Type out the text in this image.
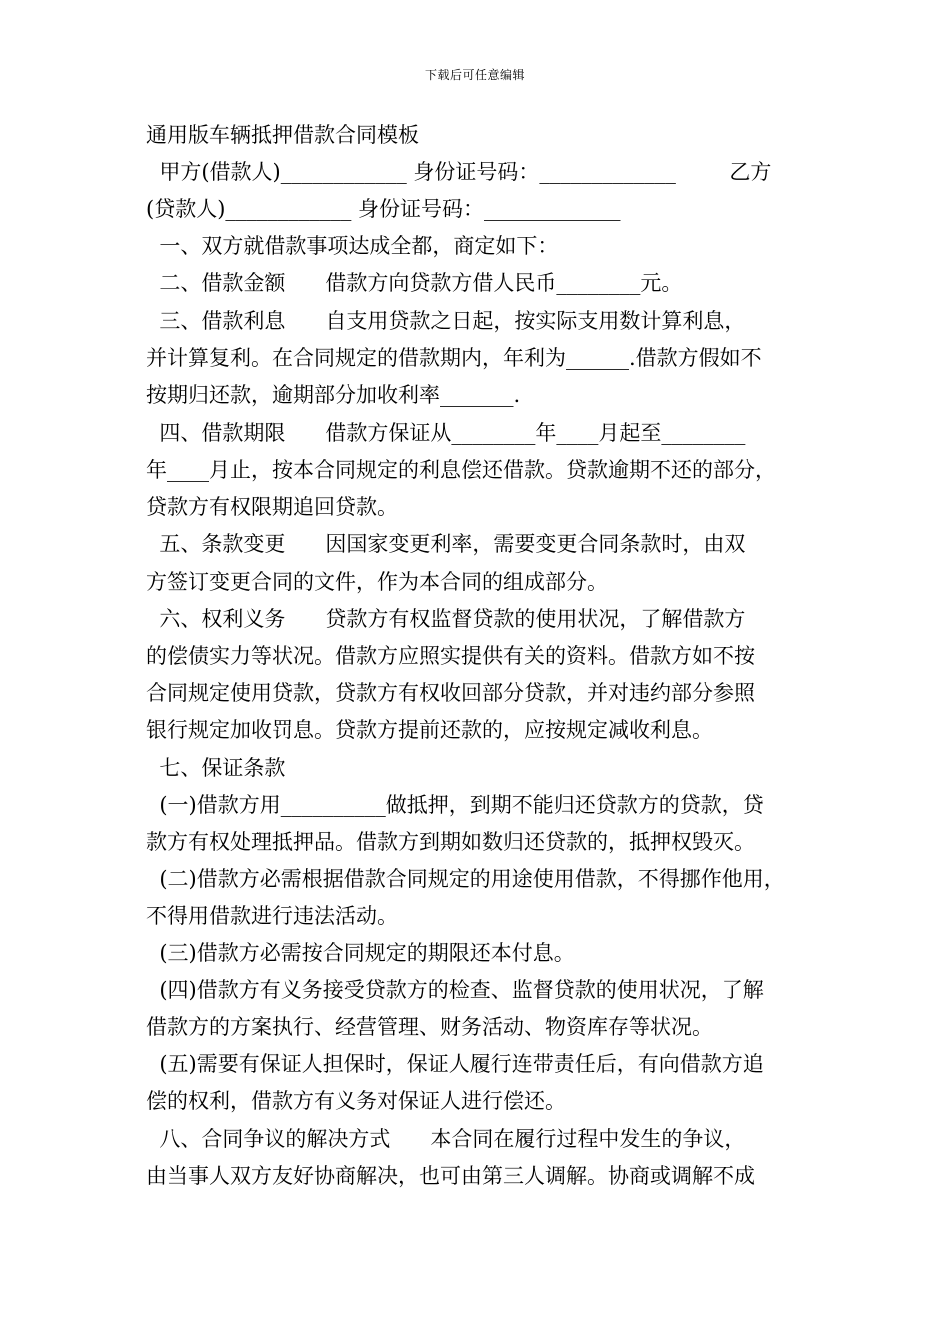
下载后可任意编辑
通用版车辆抵押借款合同模板
甲方(借款人)____________ 身份证号码：_____________        乙方
(贷款人)____________ 身份证号码：_____________
一、双方就借款事项达成全都，商定如下：
二、借款金额      借款方向贷款方借人民币________元。
三、借款利息      自支用贷款之日起，按实际支用数计算利息，
并计算复利。在合同规定的借款期内，年利为______.借款方假如不
按期归还款，逾期部分加收利率_______.
四、借款期限      借款方保证从________年____月起至________
年____月止，按本合同规定的利息偿还借款。贷款逾期不还的部分，
贷款方有权限期追回贷款。
五、条款变更      因国家变更利率，需要变更合同条款时，由双
方签订变更合同的文件，作为本合同的组成部分。
六、权利义务      贷款方有权监督贷款的使用状况，了解借款方
的偿债实力等状况。借款方应照实提供有关的资料。借款方如不按
合同规定使用贷款，贷款方有权收回部分贷款，并对违约部分参照
银行规定加收罚息。贷款方提前还款的，应按规定减收利息。
七、保证条款
(一)借款方用__________做抵押，到期不能归还贷款方的贷款，贷
款方有权处理抵押品。借款方到期如数归还贷款的，抵押权毁灭。
(二)借款方必需根据借款合同规定的用途使用借款，不得挪作他用，
不得用借款进行违法活动。
(三)借款方必需按合同规定的期限还本付息。
(四)借款方有义务接受贷款方的检查、监督贷款的使用状况，了解
借款方的方案执行、经营管理、财务活动、物资库存等状况。
(五)需要有保证人担保时，保证人履行连带责任后，有向借款方追
偿的权利，借款方有义务对保证人进行偿还。
八、合同争议的解决方式      本合同在履行过程中发生的争议，
由当事人双方友好协商解决，也可由第三人调解。协商或调解不成
